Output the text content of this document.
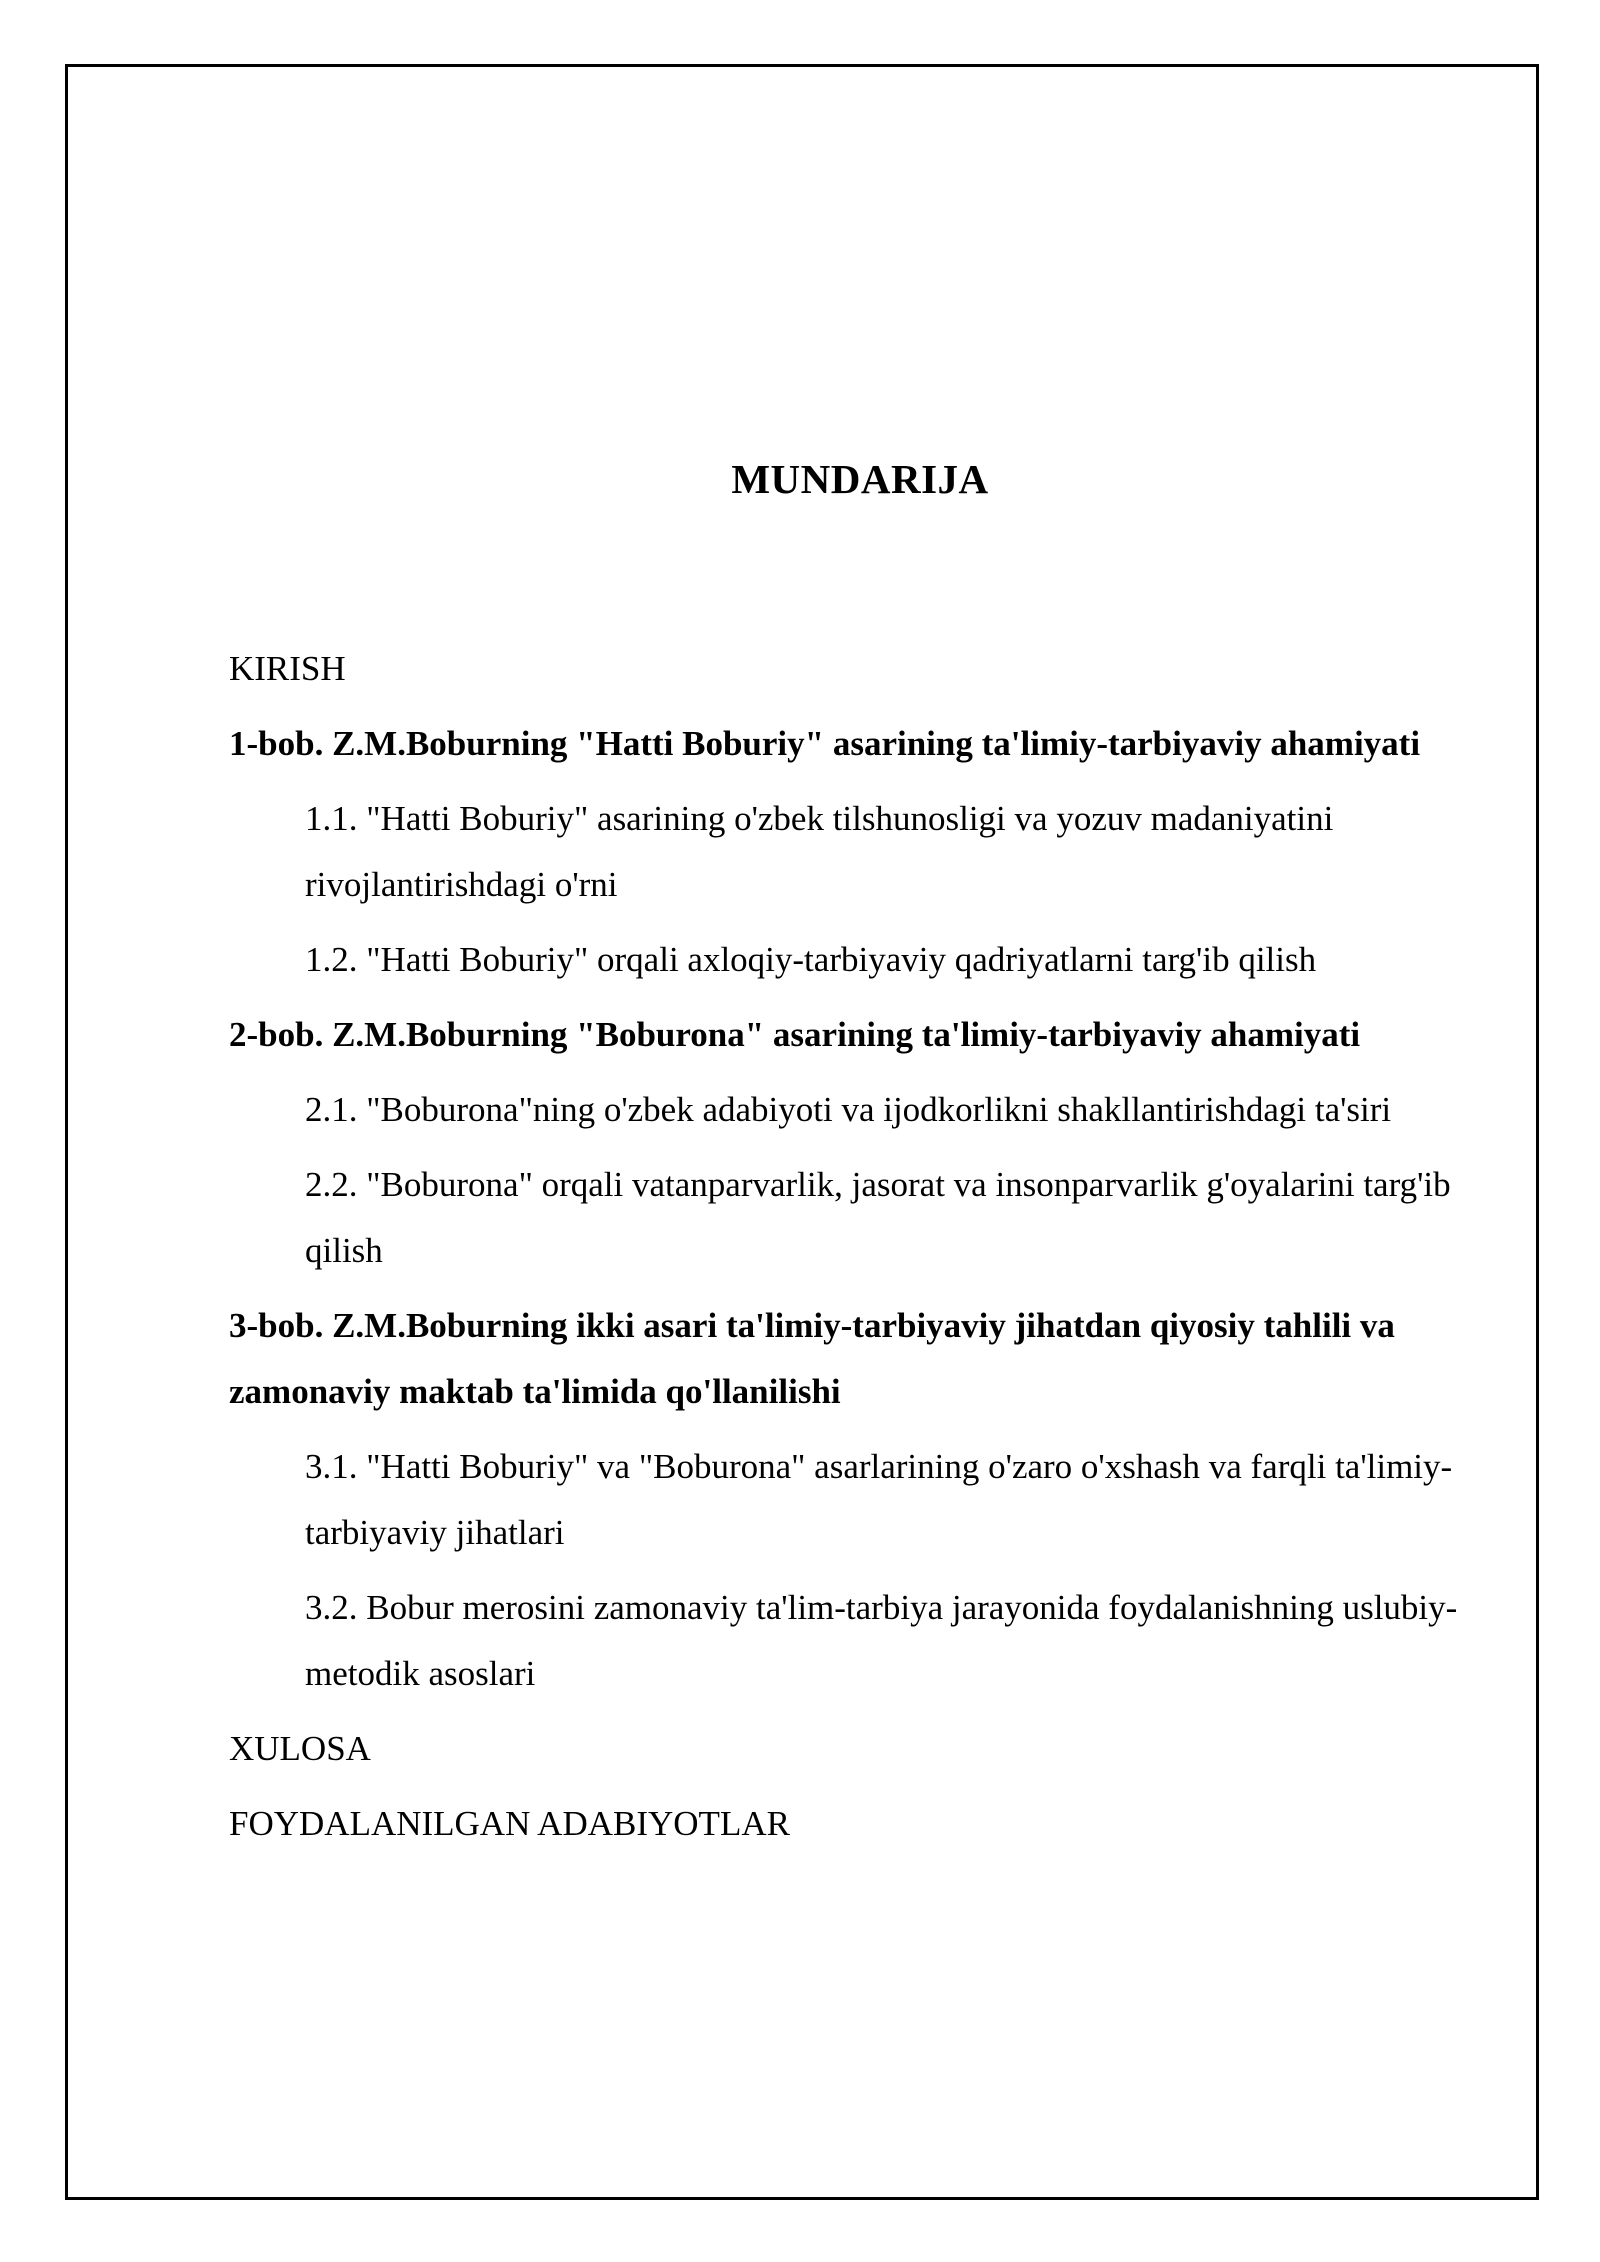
MUNDARIJA
KIRISH
1-bob. Z.M.Boburning "Hatti Boburiy" asarining ta'limiy-tarbiyaviy ahamiyati
1.1. "Hatti Boburiy" asarining o'zbek tilshunosligi va yozuv madaniyatini rivojlantirishdagi o'rni
1.2. "Hatti Boburiy" orqali axloqiy-tarbiyaviy qadriyatlarni targ'ib qilish
2-bob. Z.M.Boburning "Boburona" asarining ta'limiy-tarbiyaviy ahamiyati
2.1. "Boburona"ning o'zbek adabiyoti va ijodkorlikni shakllantirishdagi ta'siri
2.2. "Boburona" orqali vatanparvarlik, jasorat va insonparvarlik g'oyalarini targ'ib qilish
3-bob. Z.M.Boburning ikki asari ta'limiy-tarbiyaviy jihatdan qiyosiy tahlili va zamonaviy maktab ta'limida qo'llanilishi
3.1. "Hatti Boburiy" va "Boburona" asarlarining o'zaro o'xshash va farqli ta'limiy-tarbiyaviy jihatlari
3.2. Bobur merosini zamonaviy ta'lim-tarbiya jarayonida foydalanishning uslubiy-metodik asoslari
XULOSA
FOYDALANILGAN ADABIYOTLAR
